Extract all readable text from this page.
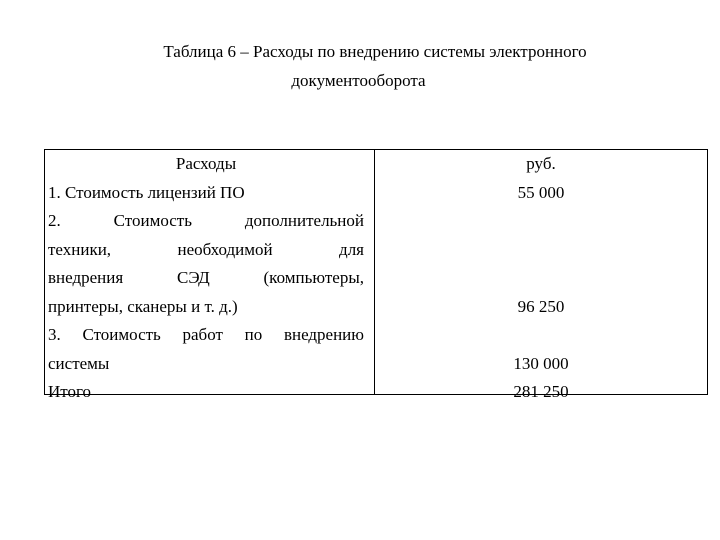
Таблица 6 – Расходы по внедрению системы электронного
документооборота
Расходы
1. Стоимость лицензий ПО
2. Стоимость дополнительной
техники, необходимой для
внедрения СЭД (компьютеры,
принтеры, сканеры и т. д.)
3. Стоимость работ по внедрению
системы
Итого
руб.
55 000
96 250
130 000
281 250
